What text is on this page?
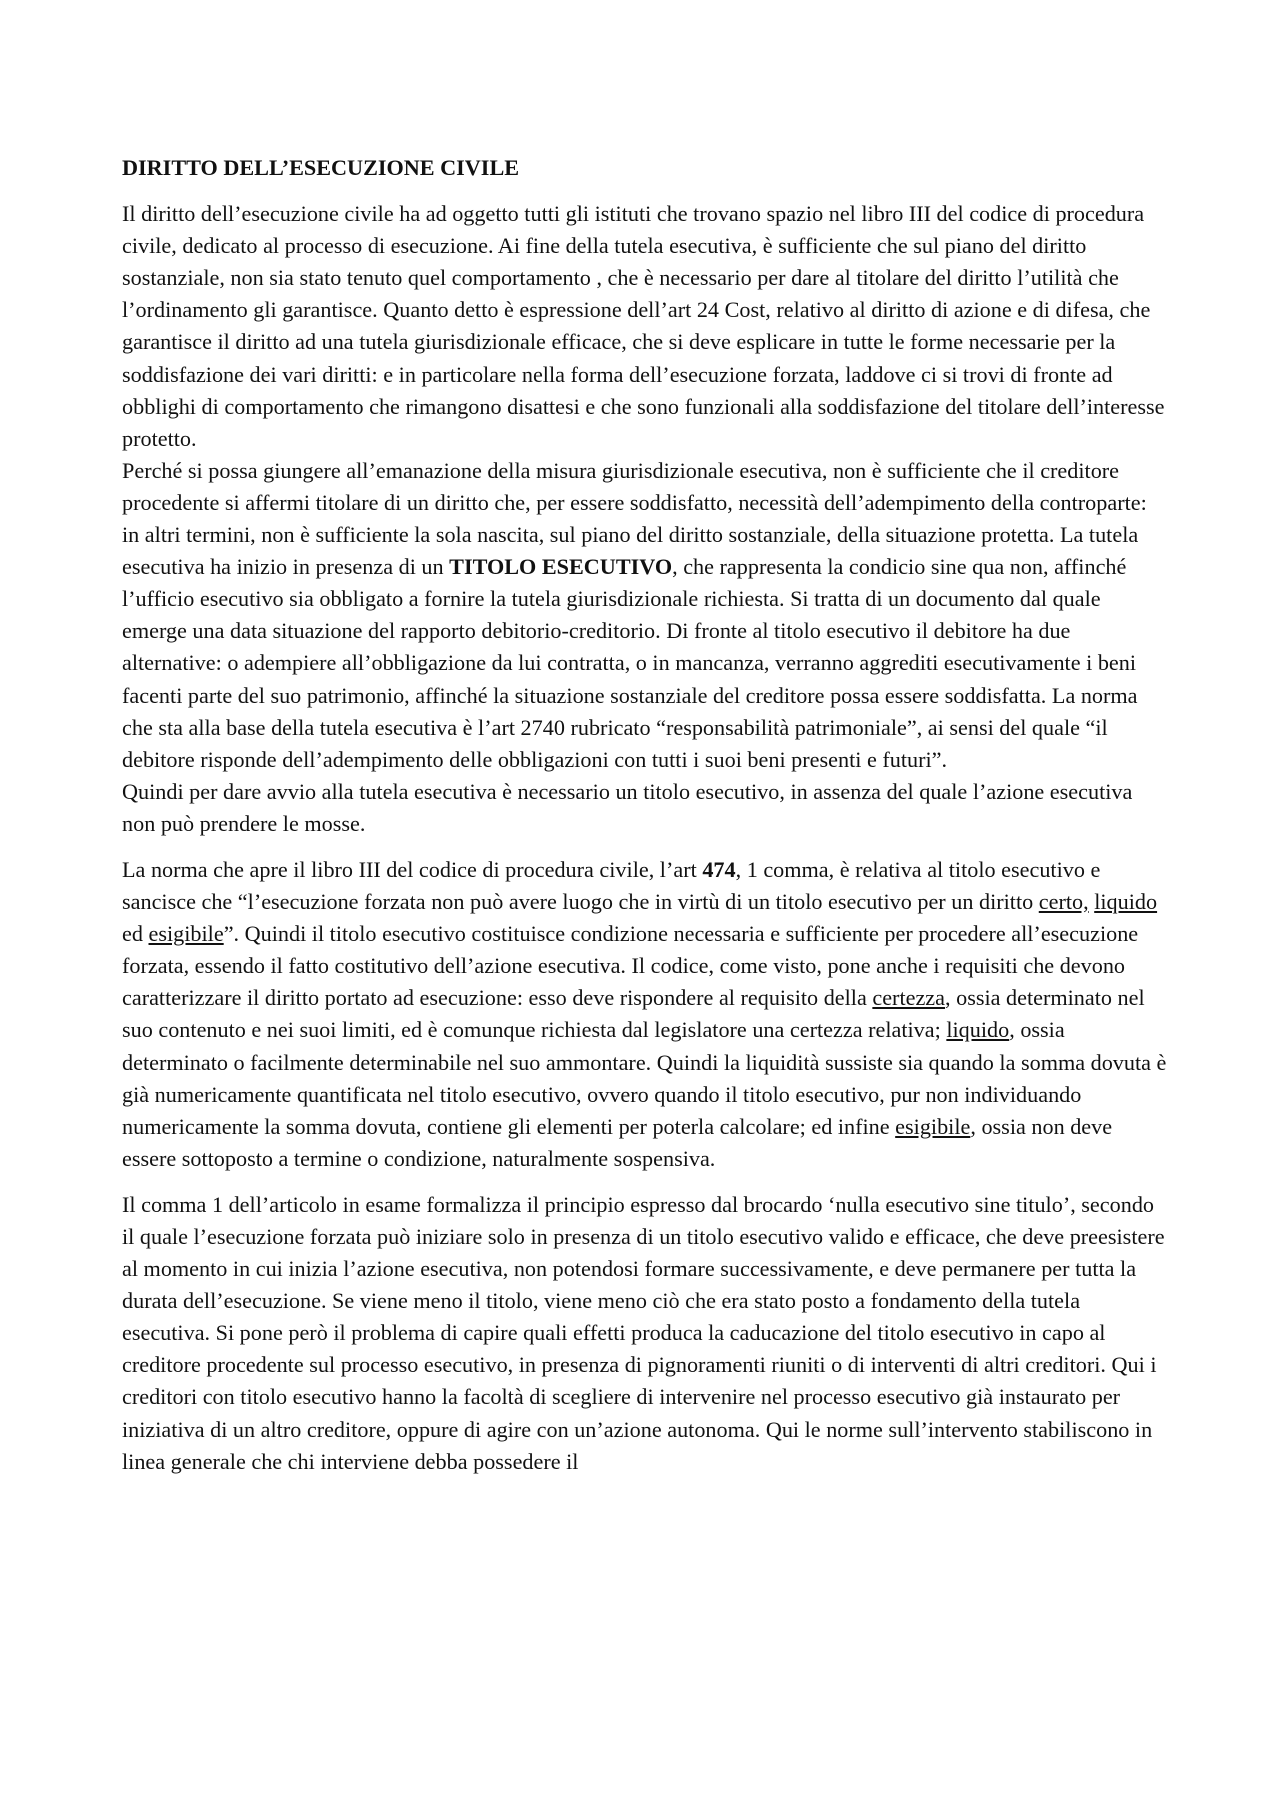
DIRITTO DELL’ESECUZIONE CIVILE

Il diritto dell’esecuzione civile ha ad oggetto tutti gli istituti che trovano spazio nel libro III del codice di procedura civile, dedicato al processo di esecuzione. Ai fine della tutela esecutiva, è sufficiente che sul piano del diritto sostanziale, non sia stato tenuto quel comportamento , che è necessario per dare al titolare del diritto l’utilità che l’ordinamento gli garantisce. Quanto detto è espressione dell’art 24 Cost, relativo al diritto di azione e di difesa, che garantisce il diritto ad una tutela giurisdizionale efficace, che si deve esplicare in tutte le forme necessarie per la soddisfazione dei vari diritti: e in particolare nella forma dell’esecuzione forzata, laddove ci si trovi di fronte ad obblighi di comportamento che rimangono disattesi e che sono funzionali alla soddisfazione del titolare dell’interesse protetto.

Perché si possa giungere all’emanazione della misura giurisdizionale esecutiva, non è sufficiente che il creditore procedente si affermi titolare di un diritto che, per essere soddisfatto, necessità dell’adempimento della controparte: in altri termini, non è sufficiente la sola nascita, sul piano del diritto sostanziale, della situazione protetta. La tutela esecutiva ha inizio in presenza di un TITOLO ESECUTIVO, che rappresenta la condicio sine qua non, affinché l’ufficio esecutivo sia obbligato a fornire la tutela giurisdizionale richiesta. Si tratta di un documento dal quale emerge una data situazione del rapporto debitorio-creditorio. Di fronte al titolo esecutivo il debitore ha due alternative: o adempiere all’obbligazione da lui contratta, o in mancanza, verranno aggrediti esecutivamente i beni facenti parte del suo patrimonio, affinché la situazione sostanziale del creditore possa essere soddisfatta. La norma che sta alla base della tutela esecutiva è l’art 2740 rubricato “responsabilità patrimoniale”, ai sensi del quale “il debitore risponde dell’adempimento delle obbligazioni con tutti i suoi beni presenti e futuri”.

Quindi per dare avvio alla tutela esecutiva è necessario un titolo esecutivo, in assenza del quale l’azione esecutiva non può prendere le mosse.

La norma che apre il libro III del codice di procedura civile, l’art 474, 1 comma, è relativa al titolo esecutivo e sancisce che “l’esecuzione forzata non può avere luogo che in virtù di un titolo esecutivo per un diritto certo, liquido ed esigibile”. Quindi il titolo esecutivo costituisce condizione necessaria e sufficiente per procedere all’esecuzione forzata, essendo il fatto costitutivo dell’azione esecutiva. Il codice, come visto, pone anche i requisiti che devono caratterizzare il diritto portato ad esecuzione: esso deve rispondere al requisito della certezza, ossia determinato nel suo contenuto e nei suoi limiti, ed è comunque richiesta dal legislatore una certezza relativa; liquido, ossia determinato o facilmente determinabile nel suo ammontare. Quindi la liquidità sussiste sia quando la somma dovuta è già numericamente quantificata nel titolo esecutivo, ovvero quando il titolo esecutivo, pur non individuando numericamente la somma dovuta, contiene gli elementi per poterla calcolare; ed infine esigibile, ossia non deve essere sottoposto a termine o condizione, naturalmente sospensiva.

Il comma 1 dell’articolo in esame formalizza il principio espresso dal brocardo ‘nulla esecutivo sine titulo’, secondo il quale l’esecuzione forzata può iniziare solo in presenza di un titolo esecutivo valido e efficace, che deve preesistere al momento in cui inizia l’azione esecutiva, non potendosi formare successivamente, e deve permanere per tutta la durata dell’esecuzione. Se viene meno il titolo, viene meno ciò che era stato posto a fondamento della tutela esecutiva. Si pone però il problema di capire quali effetti produca la caducazione del titolo esecutivo in capo al creditore procedente sul processo esecutivo, in presenza di pignoramenti riuniti o di interventi di altri creditori. Qui i creditori con titolo esecutivo hanno la facoltà di scegliere di intervenire nel processo esecutivo già instaurato per iniziativa di un altro creditore, oppure di agire con un’azione autonoma. Qui le norme sull’intervento stabiliscono in linea generale che chi interviene debba possedere il
